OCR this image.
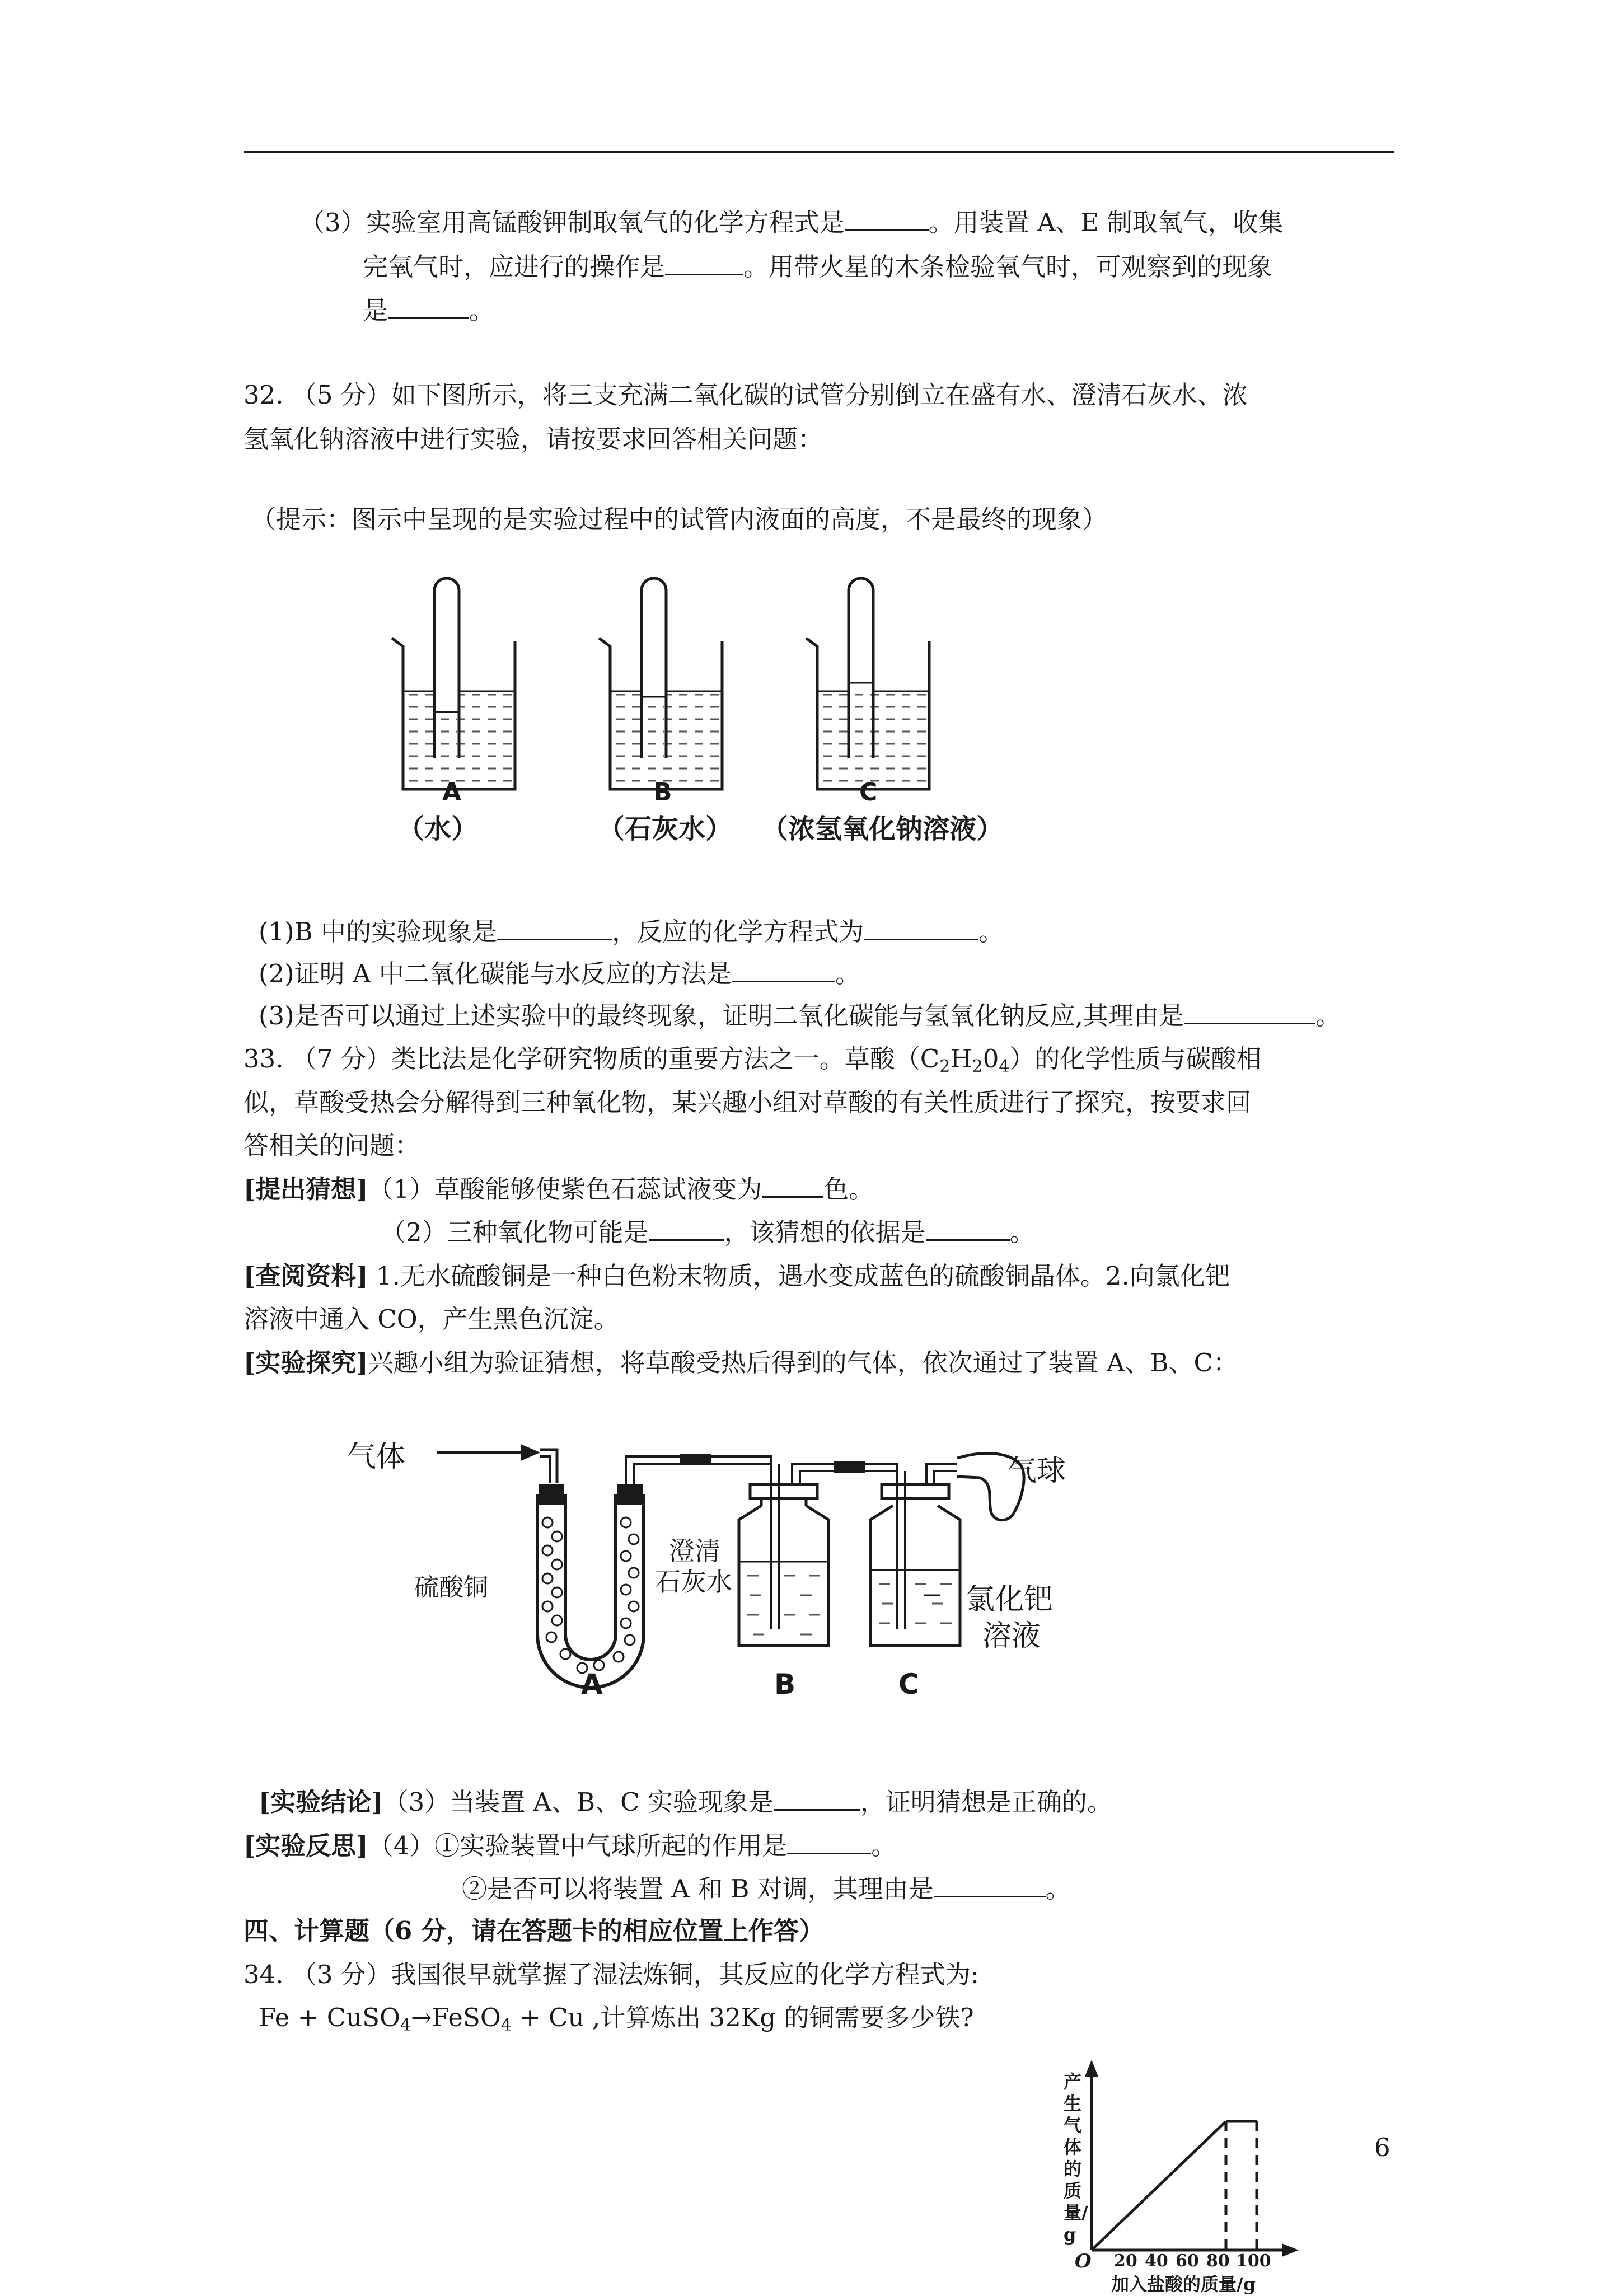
（3）实验室用高锰酸钾制取氧气的化学方程式是	。用装置 A、E 制取氧气，收集
完氧气时，应进行的操作是	。用带火星的木条检验氧气时，可观察到的现象
是	。
32. （5 分）如下图所示，将三支充满二氧化碳的试管分别倒立在盛有水、澄清石灰水、浓
氢氧化钠溶液中进行实验，请按要求回答相关问题：
（提示：图示中呈现的是实验过程中的试管内液面的高度，不是最终的现象）
A
（水）
B
（石灰水）
C
（浓氢氧化钠溶液）
(1)B 中的实验现象是	，反应的化学方程式为	。
(2)证明 A 中二氧化碳能与水反应的方法是	。
(3)是否可以通过上述实验中的最终现象，证明二氧化碳能与氢氧化钠反应,其理由是	。
33. （7 分）类比法是化学研究物质的重要方法之一。草酸$(C_2H_20_4)$的化学性质与碳酸相
似，草酸受热会分解得到三种氧化物，某兴趣小组对草酸的有关性质进行了探究，按要求回
答相关的问题：
[提出猜想]（1）草酸能够使紫色石蕊试液变为 色。
（2）三种氧化物可能是	，该猜想的依据是	。
[查阅资料] 1.无水硫酸铜是一种白色粉末物质，遇水变成蓝色的硫酸铜晶体。2.向氯化钯
溶液中通入 CO，产生黑色沉淀。
[实验探究]兴趣小组为验证猜想，将草酸受热后得到的气体，依次通过了装置 A、B、C：
气体
硫酸铜
澄清
石灰水
气球
氯化钯
溶液
A	B	C
[实验结论]（3）当装置 A、B、C 实验现象是	，证明猜想是正确的。
[实验反思]（4）①实验装置中气球所起的作用是	。
②是否可以将装置 A 和 B 对调，其理由是	。
四、计算题（6 分，请在答题卡的相应位置上作答）
34. （3 分）我国很早就掌握了湿法炼铜，其反应的化学方程式为:
Fe + CuSO$_4$→FeSO$_4$ + Cu ,计算炼出 32Kg 的铜需要多少铁?
产生气体的质量/g
O 20 40 60 80 100
加入盐酸的质量/g
6
